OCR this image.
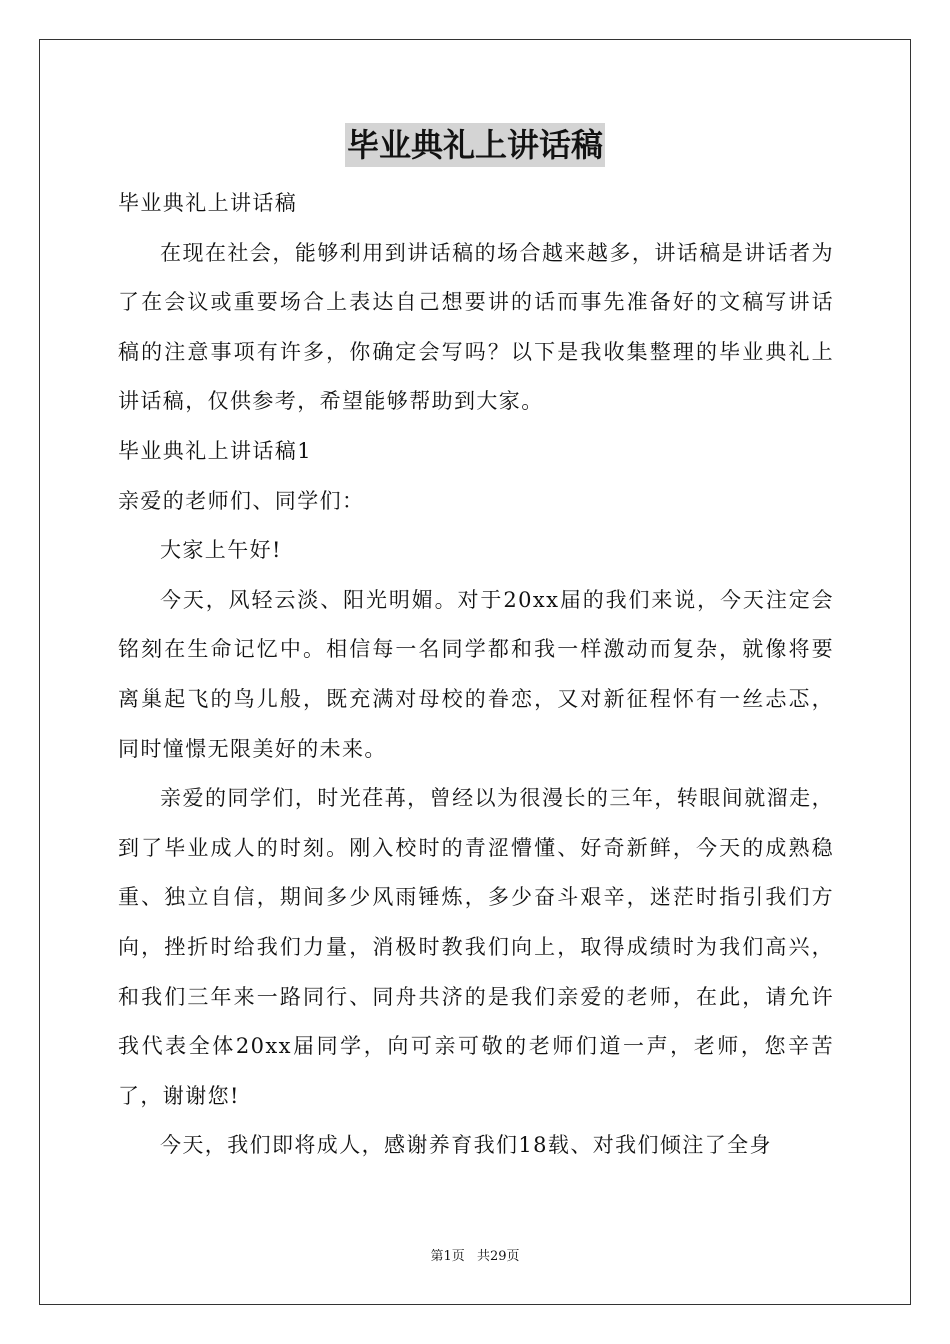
毕业典礼上讲话稿

毕业典礼上讲话稿

在现在社会，能够利用到讲话稿的场合越来越多，讲话稿是讲话者为了在会议或重要场合上表达自己想要讲的话而事先准备好的文稿写讲话稿的注意事项有许多，你确定会写吗？以下是我收集整理的毕业典礼上讲话稿，仅供参考，希望能够帮助到大家。

毕业典礼上讲话稿1

亲爱的老师们、同学们：

大家上午好!

今天，风轻云淡、阳光明媚。对于20xx届的我们来说，今天注定会铭刻在生命记忆中。相信每一名同学都和我一样激动而复杂，就像将要离巢起飞的鸟儿般，既充满对母校的眷恋，又对新征程怀有一丝忐忑，同时憧憬无限美好的未来。

亲爱的同学们，时光荏苒，曾经以为很漫长的三年，转眼间就溜走，到了毕业成人的时刻。刚入校时的青涩懵懂、好奇新鲜，今天的成熟稳重、独立自信，期间多少风雨锤炼，多少奋斗艰辛，迷茫时指引我们方向，挫折时给我们力量，消极时教我们向上，取得成绩时为我们高兴，和我们三年来一路同行、同舟共济的是我们亲爱的老师，在此，请允许我代表全体20xx届同学，向可亲可敬的老师们道一声，老师，您辛苦了，谢谢您!

今天，我们即将成人，感谢养育我们18载、对我们倾注了全身

第1页 共29页
